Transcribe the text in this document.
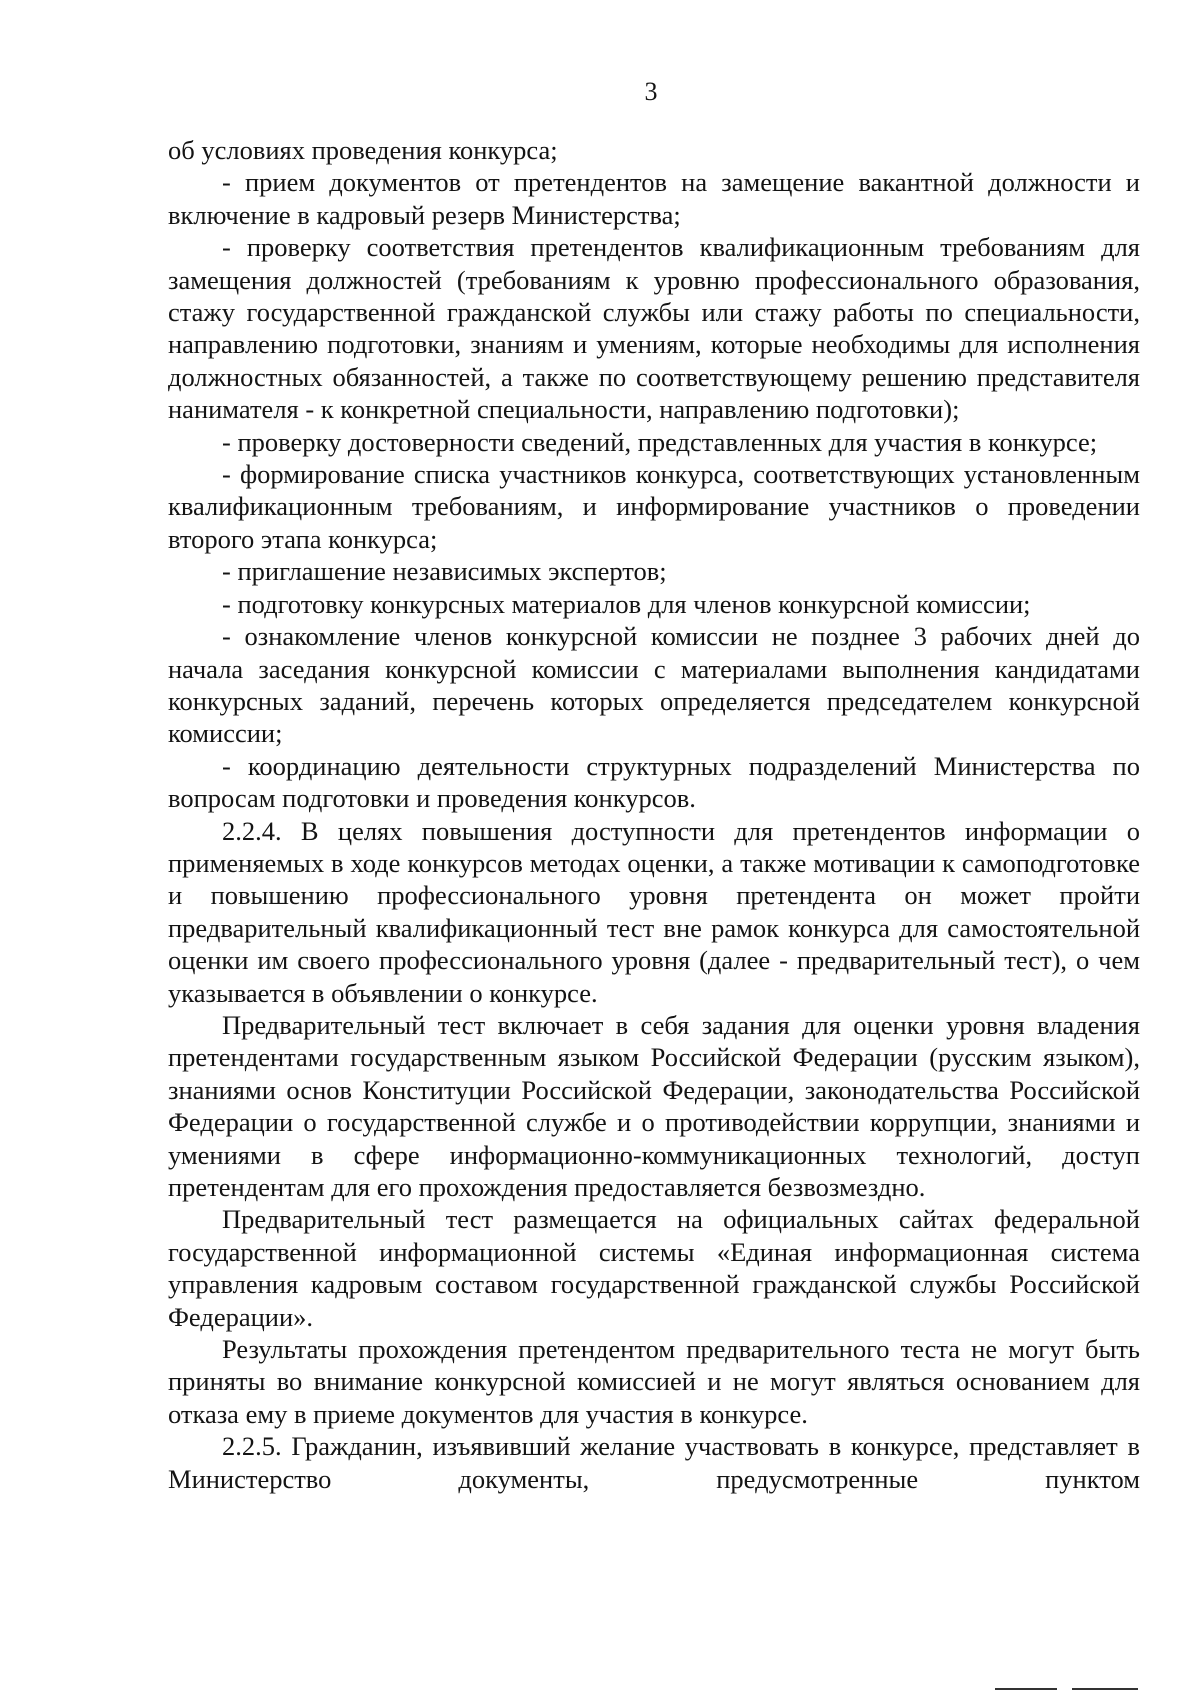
3

об условиях проведения конкурса;

- прием документов от претендентов на замещение вакантной должности и включение в кадровый резерв Министерства;

- проверку соответствия претендентов квалификационным требованиям для замещения должностей (требованиям к уровню профессионального образования, стажу государственной гражданской службы или стажу работы по специальности, направлению подготовки, знаниям и умениям, которые необходимы для исполнения должностных обязанностей, а также по соответствующему решению представителя нанимателя - к конкретной специальности, направлению подготовки);

- проверку достоверности сведений, представленных для участия в конкурсе;

- формирование списка участников конкурса, соответствующих установленным квалификационным требованиям, и информирование участников о проведении второго этапа конкурса;

- приглашение независимых экспертов;

- подготовку конкурсных материалов для членов конкурсной комиссии;

- ознакомление членов конкурсной комиссии не позднее 3 рабочих дней до начала заседания конкурсной комиссии с материалами выполнения кандидатами конкурсных заданий, перечень которых определяется председателем конкурсной комиссии;

- координацию деятельности структурных подразделений Министерства по вопросам подготовки и проведения конкурсов.

2.2.4. В целях повышения доступности для претендентов информации о применяемых в ходе конкурсов методах оценки, а также мотивации к самоподготовке и повышению профессионального уровня претендента он может пройти предварительный квалификационный тест вне рамок конкурса для самостоятельной оценки им своего профессионального уровня (далее - предварительный тест), о чем указывается в объявлении о конкурсе.

Предварительный тест включает в себя задания для оценки уровня владения претендентами государственным языком Российской Федерации (русским языком), знаниями основ Конституции Российской Федерации, законодательства Российской Федерации о государственной службе и о противодействии коррупции, знаниями и умениями в сфере информационно-коммуникационных технологий, доступ претендентам для его прохождения предоставляется безвозмездно.

Предварительный тест размещается на официальных сайтах федеральной государственной информационной системы «Единая информационная система управления кадровым составом государственной гражданской службы Российской Федерации».

Результаты прохождения претендентом предварительного теста не могут быть приняты во внимание конкурсной комиссией и не могут являться основанием для отказа ему в приеме документов для участия в конкурсе.

2.2.5. Гражданин, изъявивший желание участвовать в конкурсе, представляет в Министерство документы, предусмотренные пунктом
